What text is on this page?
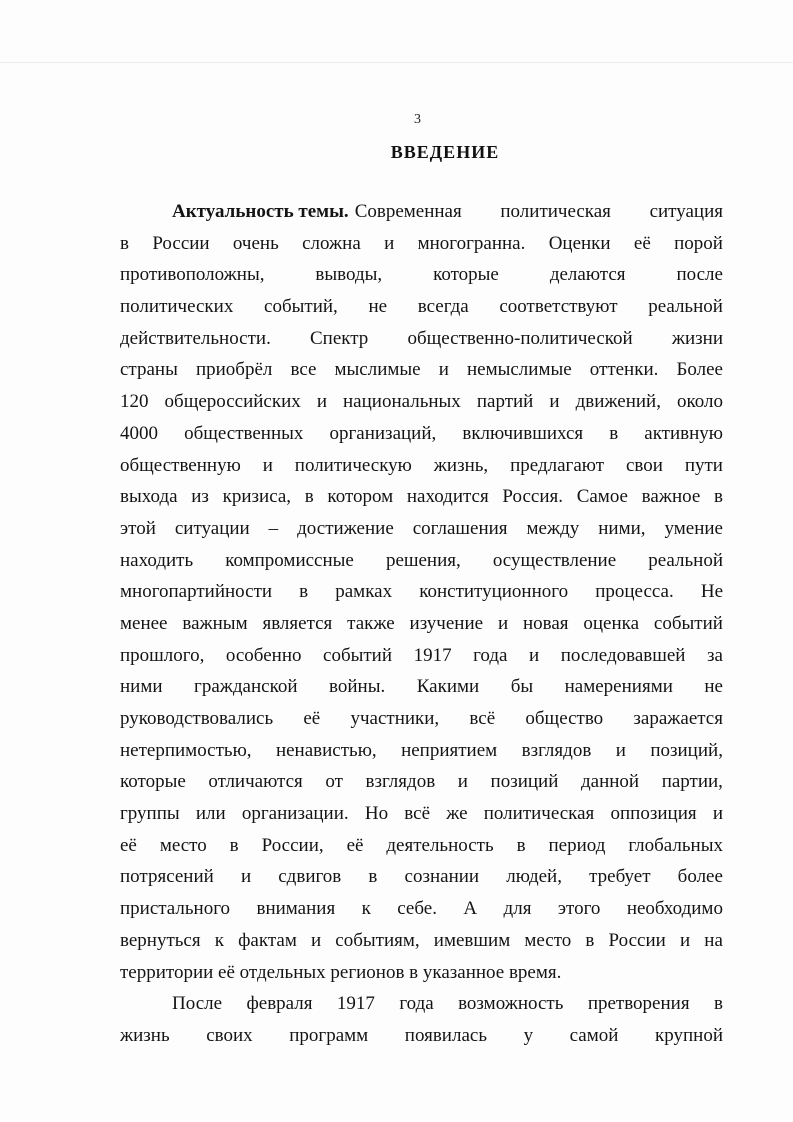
3
ВВЕДЕНИЕ
Актуальность темы. Современная политическая ситуация
в России очень сложна и многогранна. Оценки её порой
противоположны,	выводы,	которые	делаются	после
политических событий, не всегда соответствуют реальной
действительности. Спектр общественно-политической жизни
страны приобрёл все мыслимые и немыслимые оттенки. Более
120 общероссийских и национальных партий и движений, около
4000 общественных организаций, включившихся в активную
общественную и политическую жизнь, предлагают свои пути
выхода из кризиса, в котором находится Россия. Самое важное в
этой ситуации – достижение соглашения между ними, умение
находить компромиссные решения, осуществление реальной
многопартийности в рамках конституционного процесса. Не
менее важным является также изучение и новая оценка событий
прошлого, особенно событий 1917 года и последовавшей за
ними гражданской войны. Какими бы намерениями не
руководствовались её участники, всё общество заражается
нетерпимостью, ненавистью, неприятием взглядов и позиций,
которые отличаются от взглядов и позиций данной партии,
группы или организации. Но всё же политическая оппозиция и
её место в России, её деятельность в период глобальных
потрясений и сдвигов в сознании людей, требует более
пристального внимания к себе. А для этого необходимо
вернуться к фактам и событиям, имевшим место в России и на
территории её отдельных регионов в указанное время.
После февраля 1917 года возможность претворения в
жизнь своих программ появилась у самой крупной
